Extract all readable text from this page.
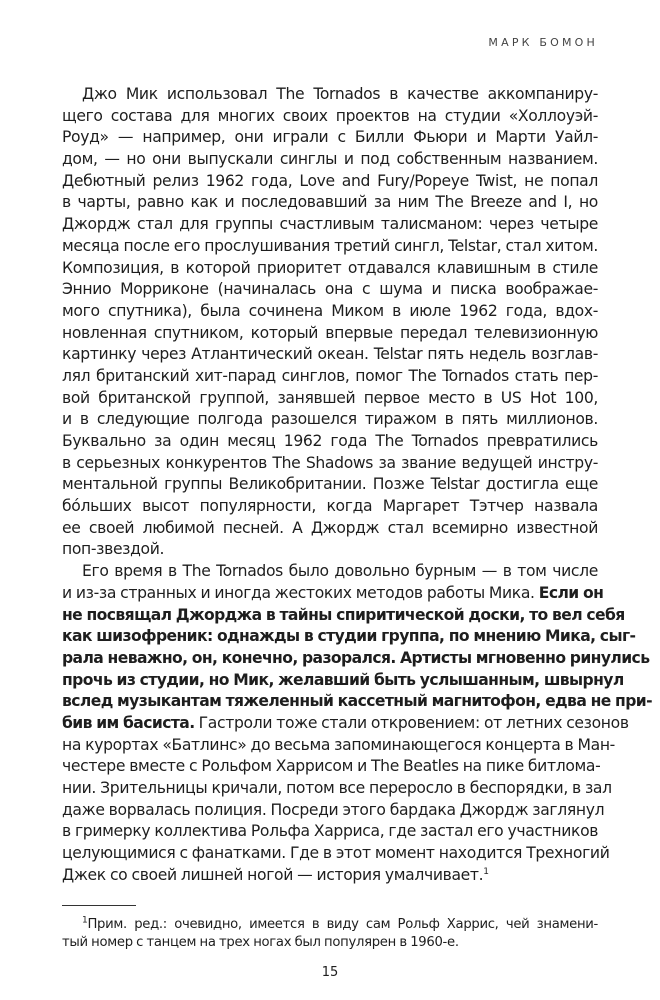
МАРК БОМОН
Джо Мик использовал The Tornados в качестве аккомпаниру-
щего состава для многих своих проектов на студии «Холлоуэй-
Роуд» — например, они играли с Билли Фьюри и Марти Уайл-
дом, — но они выпускали синглы и под собственным названием.
Дебютный релиз 1962 года, Love and Fury/Popeye Twist, не попал
в чарты, равно как и последовавший за ним The Breeze and I, но
Джордж стал для группы счастливым талисманом: через четыре
месяца после его прослушивания третий сингл, Telstar, стал хитом.
Композиция, в которой приоритет отдавался клавишным в стиле
Эннио Морриконе (начиналась она с шума и писка воображае-
мого спутника), была сочинена Миком в июле 1962 года, вдох-
новленная спутником, который впервые передал телевизионную
картинку через Атлантический океан. Telstar пять недель возглав-
лял британский хит-парад синглов, помог The Tornados стать пер-
вой британской группой, занявшей первое место в US Hot 100,
и в следующие полгода разошелся тиражом в пять миллионов.
Буквально за один месяц 1962 года The Tornados превратились
в серьезных конкурентов The Shadows за звание ведущей инстру-
ментальной группы Великобритании. Позже Telstar достигла еще
бóльших высот популярности, когда Маргарет Тэтчер назвала
ее своей любимой песней. А Джордж стал всемирно известной
поп-звездой.
Его время в The Tornados было довольно бурным — в том числе
и из-за странных и иногда жестоких методов работы Мика. Если он
не посвящал Джорджа в тайны спиритической доски, то вел себя
как шизофреник: однажды в студии группа, по мнению Мика, сыг-
рала неважно, он, конечно, разорался. Артисты мгновенно ринулись
прочь из студии, но Мик, желавший быть услышанным, швырнул
вслед музыкантам тяжеленный кассетный магнитофон, едва не при-
бив им басиста. Гастроли тоже стали откровением: от летних сезонов
на курортах «Батлинс» до весьма запоминающегося концерта в Ман-
честере вместе с Рольфом Харрисом и The Beatles на пике битлома-
нии. Зрительницы кричали, потом все переросло в беспорядки, в зал
даже ворвалась полиция. Посреди этого бардака Джордж заглянул
в гримерку коллектива Рольфа Харриса, где застал его участников
целующимися с фанатками. Где в этот момент находится Трехногий
Джек со своей лишней ногой — история умалчивает.$^1$
$^1$Прим. ред.: очевидно, имеется в виду сам Рольф Харрис, чей знамени-
тый номер с танцем на трех ногах был популярен в 1960-е.
15
